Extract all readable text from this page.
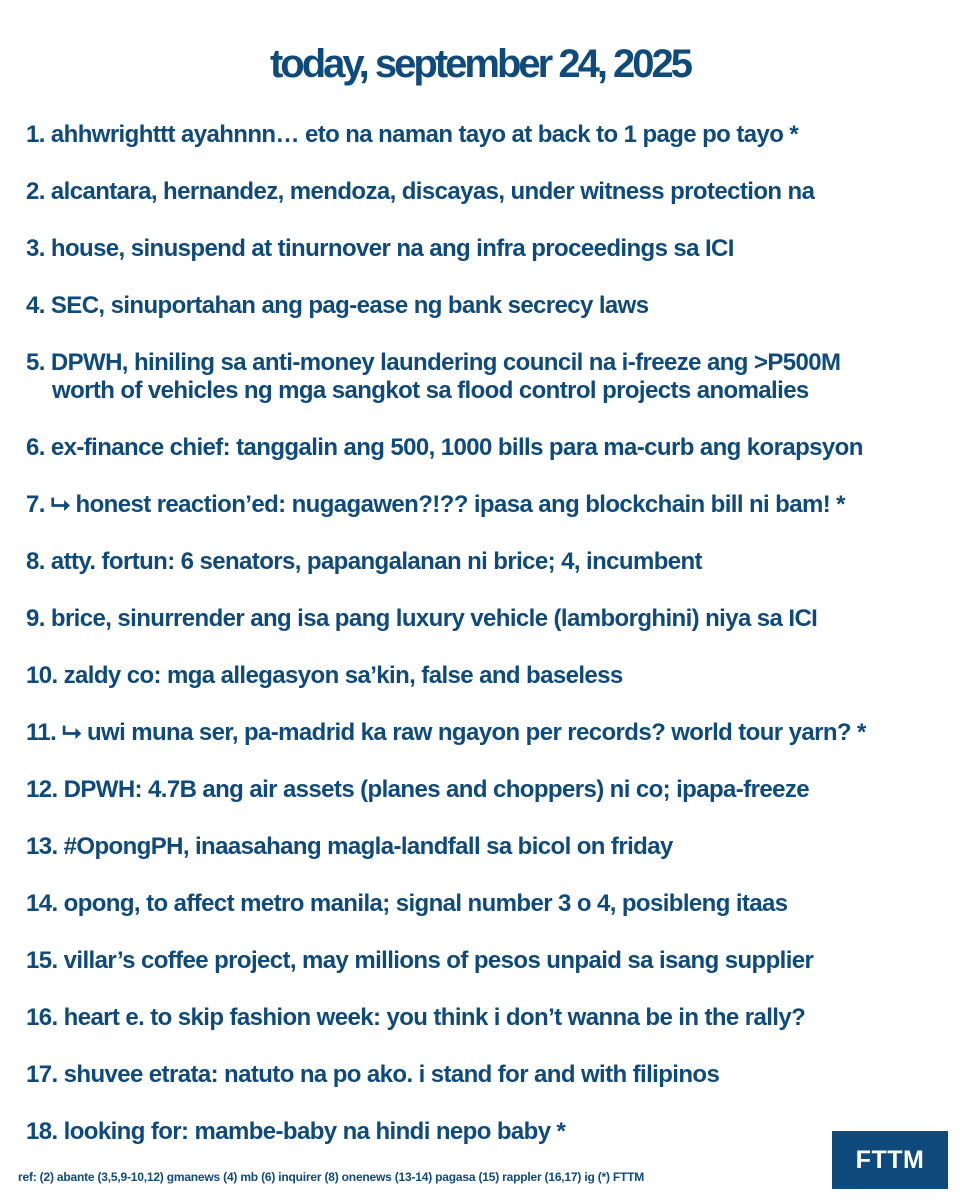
today, september 24, 2025
1. ahhwrighttt ayahnnn… eto na naman tayo at back to 1 page po tayo *
2. alcantara, hernandez, mendoza, discayas, under witness protection na
3. house, sinuspend at tinurnover na ang infra proceedings sa ICI
4. SEC, sinuportahan ang pag-ease ng bank secrecy laws
5. DPWH, hiniling sa anti-money laundering council na i-freeze ang >P500M
worth of vehicles ng mga sangkot sa flood control projects anomalies
6. ex-finance chief: tanggalin ang 500, 1000 bills para ma-curb ang korapsyon
7. ⮡ honest reaction’ed: nugagawen?!?? ipasa ang blockchain bill ni bam! *
8. atty. fortun: 6 senators, papangalanan ni brice; 4, incumbent
9. brice, sinurrender ang isa pang luxury vehicle (lamborghini) niya sa ICI
10. zaldy co: mga allegasyon sa’kin, false and baseless
11. ⮡ uwi muna ser, pa-madrid ka raw ngayon per records? world tour yarn? *
12. DPWH: 4.7B ang air assets (planes and choppers) ni co; ipapa-freeze
13. #OpongPH, inaasahang magla-landfall sa bicol on friday
14. opong, to affect metro manila; signal number 3 o 4, posibleng itaas
15. villar’s coffee project, may millions of pesos unpaid sa isang supplier
16. heart e. to skip fashion week: you think i don’t wanna be in the rally?
17. shuvee etrata: natuto na po ako. i stand for and with filipinos
18. looking for: mambe-baby na hindi nepo baby *
ref: (2) abante (3,5,9-10,12) gmanews (4) mb (6) inquirer (8) onenews (13-14) pagasa (15) rappler (16,17) ig (*) FTTM
FTTM
